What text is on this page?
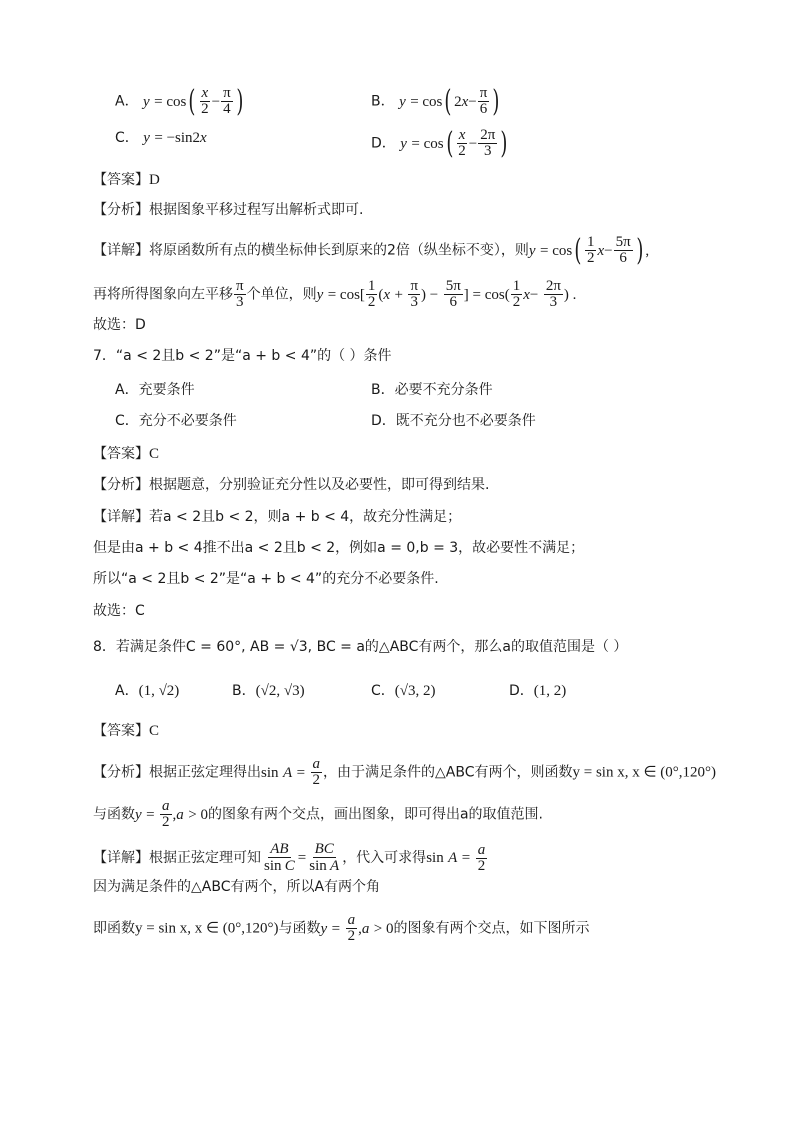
A． $y = \cos( \frac{x}{2} - \frac{\pi}{4}$ )	B． y = cos( $2x- \frac{\pi}{6}$ )
C． y = −sin2x	D． $y = \cos( \frac{x}{2} - \frac{2\pi}{3}$ )
【答案】D
【分析】根据图象平移过程写出解析式即可.
【详解】将原函数所有点的横坐标伸长到原来的2倍（纵坐标不变），则$y = \cos( \frac{1}{2} x- \frac{5\pi}{6}$ ) ,
再将所得图象向左平移 $\frac{\pi}{3}$ 个单位，则$y = \cos[ \frac{1}{2} (x + \frac{\pi}{3}$ ) − $\frac{5\pi}{6}$ ] = $\cos( \frac{1}{2} x- \frac{2\pi}{3}$ ) .
故选：D
7．“a < 2且b < 2”是“a + b < 4”的（ ）条件
A．充要条件	B．必要不充分条件
C．充分不必要条件	D．既不充分也不必要条件
【答案】C
【分析】根据题意，分别验证充分性以及必要性，即可得到结果.
【详解】若a < 2且b < 2，则a + b < 4，故充分性满足；
但是由a + b < 4推不出a < 2且b < 2，例如a = 0,b = 3，故必要性不满足；
所以“a < 2且b < 2”是“a + b < 4”的充分不必要条件.
故选：C
8．若满足条件C = 60°, AB = √3, BC = a的△ABC有两个，那么a的取值范围是（ ）
A．(1, √2)	B．(√2, √3)	C．(√3, 2)	D．(1, 2)
【答案】C
【分析】根据正弦定理得出$\sin A = \frac{a}{2}$ ，由于满足条件的△ABC有两个，则函数y = sin x, x ∈ (0°,120°)
与函数$y = \frac{a}{2} ,a > 0$的图象有两个交点，画出图象，即可得出a的取值范围.
【详解】根据正弦定理可知 $\frac{AB}{\text{sin C}} = \frac{BC}{\text{sin A}}$ ，代入可求得$\sin A = \frac{a}{2}$
因为满足条件的△ABC有两个，所以A有两个角
即函数y = sin x, x ∈ (0°,120°)与函数$y = \frac{a}{2} ,a > 0$的图象有两个交点，如下图所示
